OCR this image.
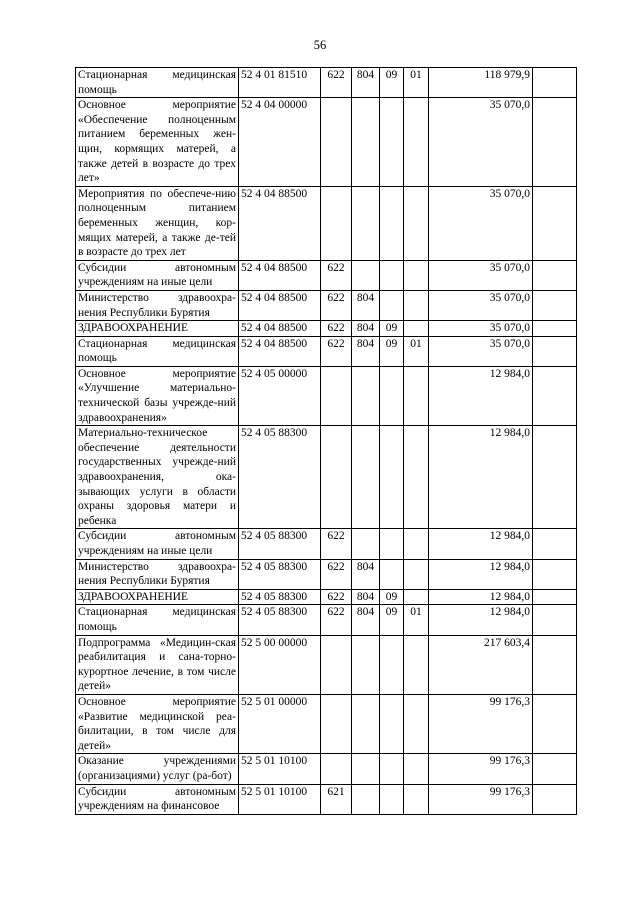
56
Стационарная медицинская помощь	52 4 01 81510	622	804	09	01	118 979,9	
Основное мероприятие «Обеспечение полноценным питанием беременных жен-щин, кормящих матерей, а также детей в возрасте до трех лет»	52 4 04 00000					35 070,0	
Мероприятия по обеспече-нию полноценным питанием беременных женщин, кор-мящих матерей, а также де-тей в возрасте до трех лет	52 4 04 88500					35 070,0	
Субсидии автономным учреждениям на иные цели	52 4 04 88500	622				35 070,0	
Министерство здравоохра-нения Республики Бурятия	52 4 04 88500	622	804			35 070,0	
ЗДРАВООХРАНЕНИЕ	52 4 04 88500	622	804	09		35 070,0	
Стационарная медицинская помощь	52 4 04 88500	622	804	09	01	35 070,0	
Основное мероприятие «Улучшение материально-технической базы учрежде-ний здравоохранения»	52 4 05 00000					12 984,0	
Материально-техническое обеспечение деятельности государственных учрежде-ний здравоохранения, ока-зывающих услуги в области охраны здоровья матери и ребенка	52 4 05 88300					12 984,0	
Субсидии автономным учреждениям на иные цели	52 4 05 88300	622				12 984,0	
Министерство здравоохра-нения Республики Бурятия	52 4 05 88300	622	804			12 984,0	
ЗДРАВООХРАНЕНИЕ	52 4 05 88300	622	804	09		12 984,0	
Стационарная медицинская помощь	52 4 05 88300	622	804	09	01	12 984,0	
Подпрограмма «Медицин-ская реабилитация и сана-торно-курортное лечение, в том числе детей»	52 5 00 00000					217 603,4	
Основное мероприятие «Развитие медицинской реа-билитации, в том числе для детей»	52 5 01 00000					99 176,3	
Оказание учреждениями (организациями) услуг (ра-бот)	52 5 01 10100					99 176,3	
Субсидии автономным учреждениям на финансовое	52 5 01 10100	621				99 176,3	
